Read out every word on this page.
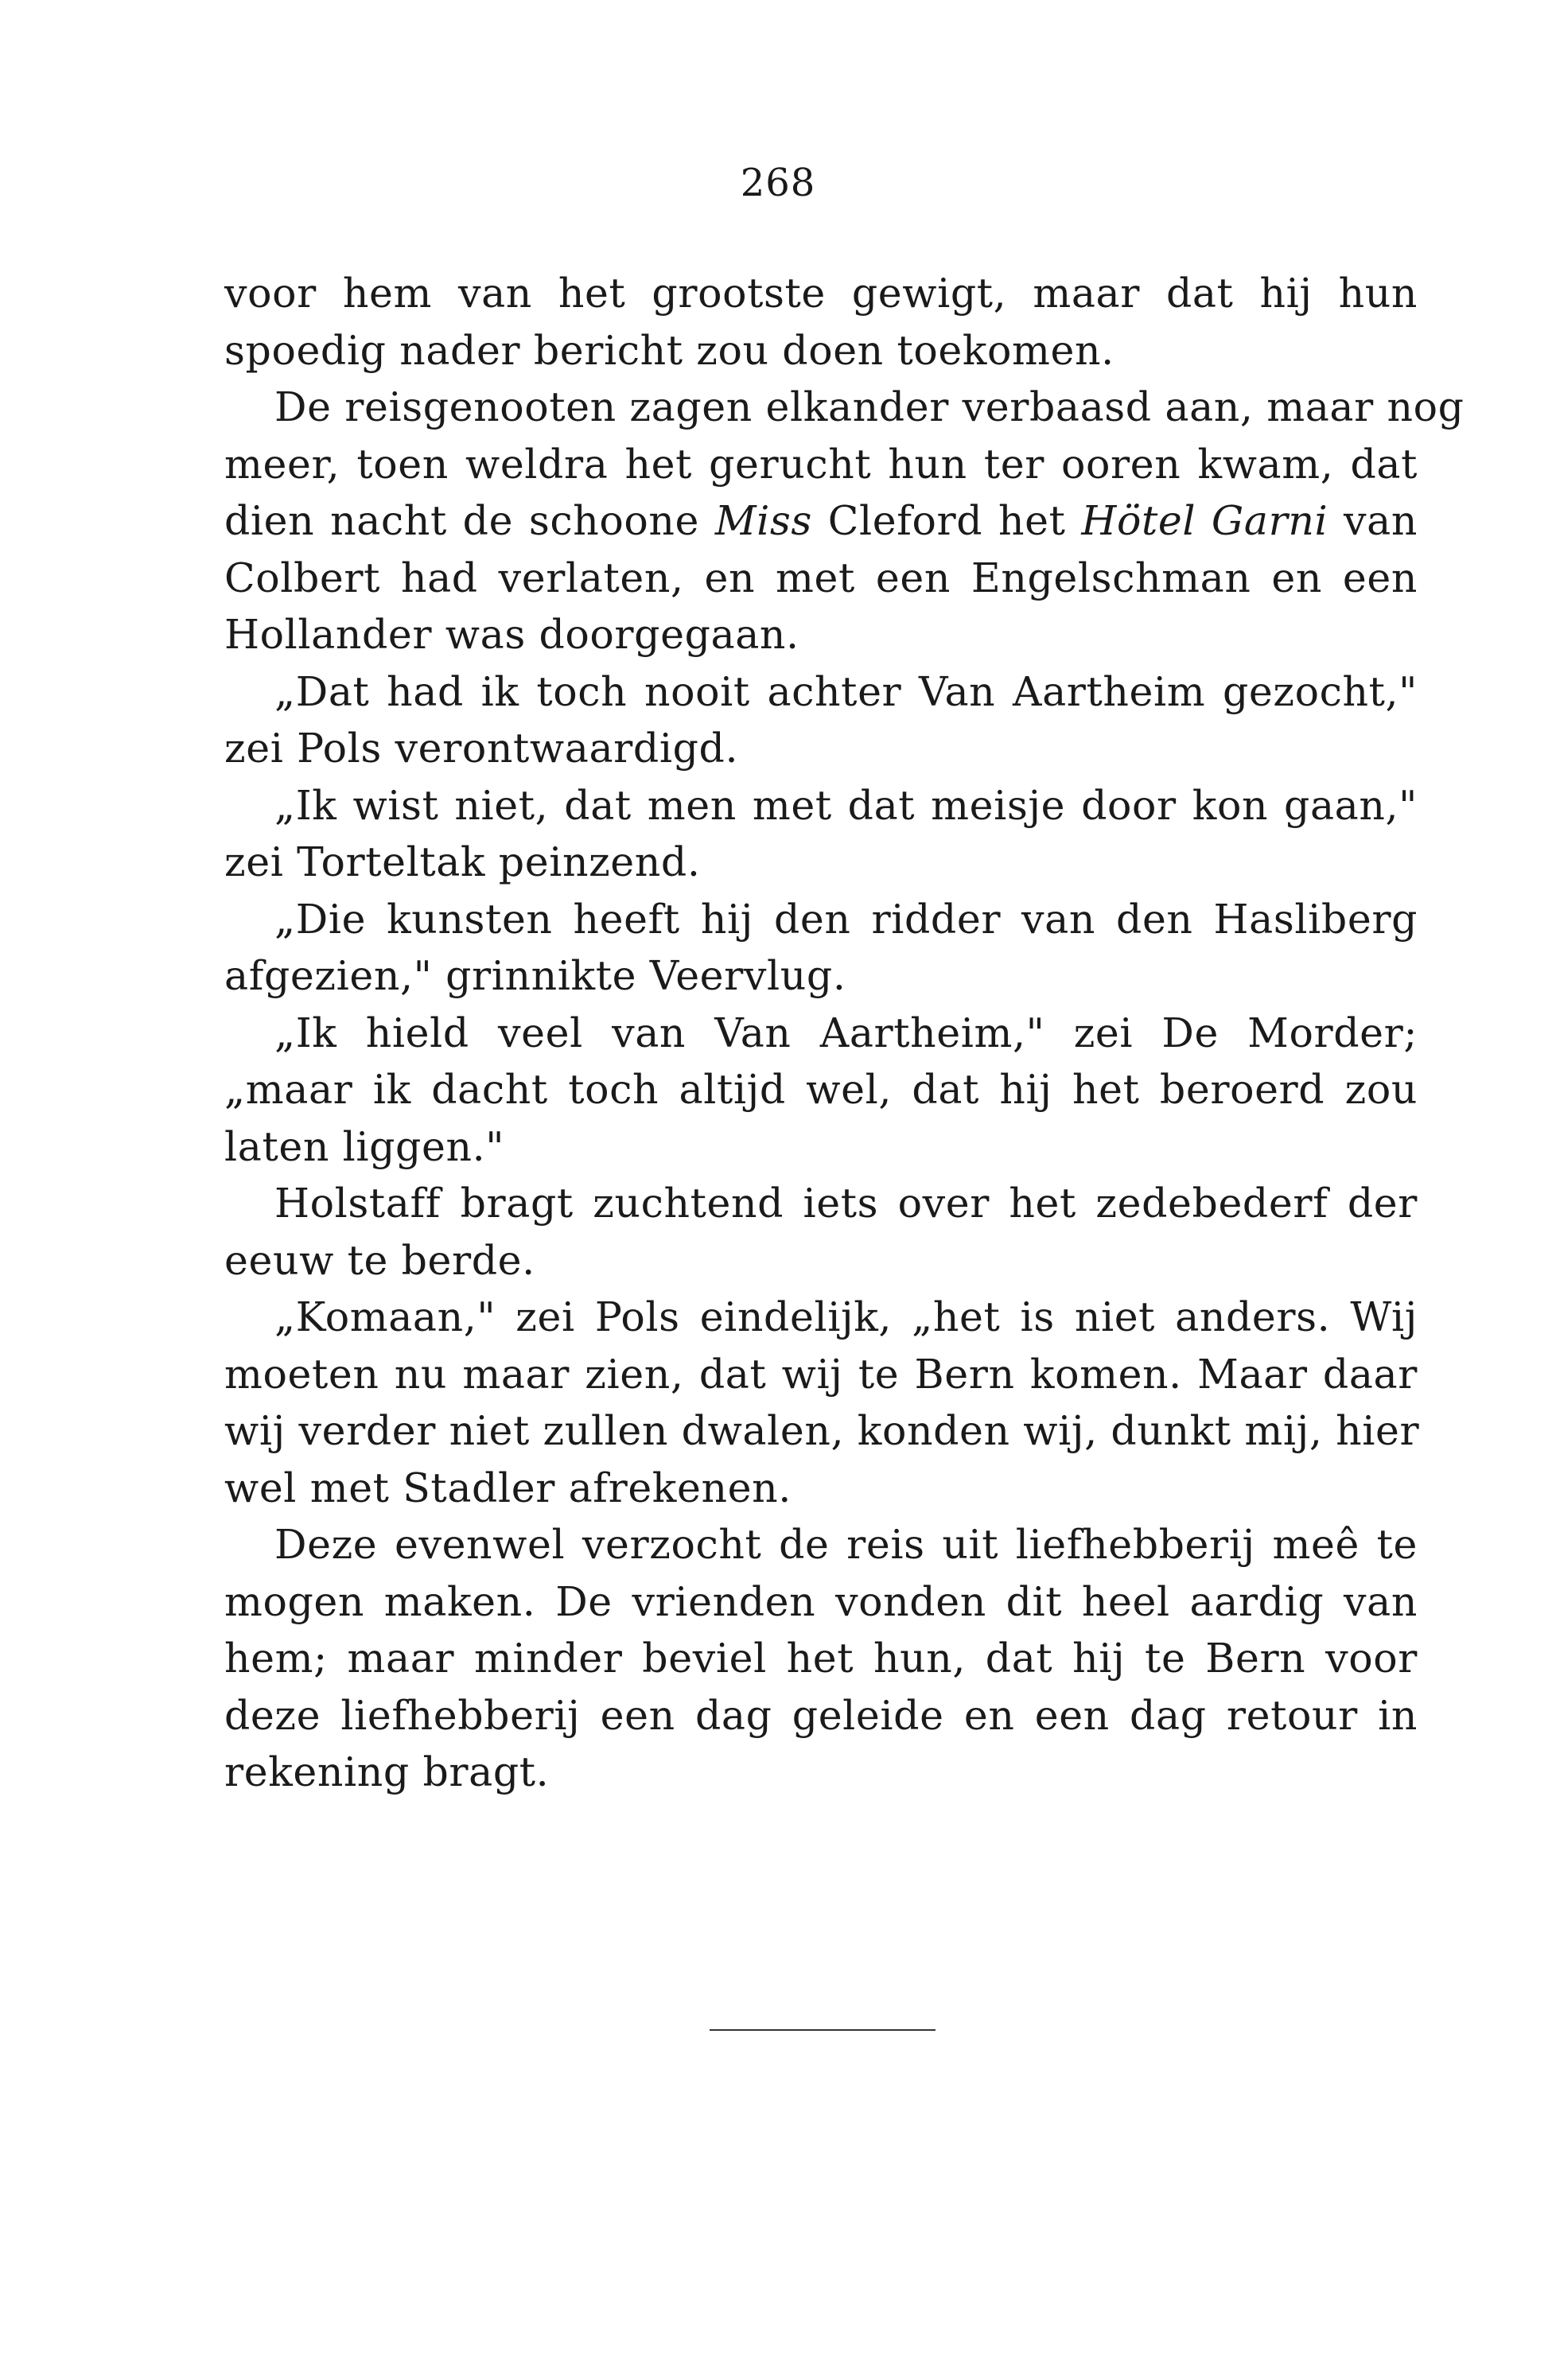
268
voor hem van het grootste gewigt, maar dat hij hun
spoedig nader bericht zou doen toekomen.
De reisgenooten zagen elkander verbaasd aan, maar nog
meer, toen weldra het gerucht hun ter ooren kwam, dat
dien nacht de schoone Miss Cleford het Hötel Garni van
Colbert had verlaten, en met een Engelschman en een
Hollander was doorgegaan.
„Dat had ik toch nooit achter Van Aartheim gezocht,"
zei Pols verontwaardigd.
„Ik wist niet, dat men met dat meisje door kon gaan,"
zei Torteltak peinzend.
„Die kunsten heeft hij den ridder van den Hasliberg
afgezien," grinnikte Veervlug.
„Ik hield veel van Van Aartheim," zei De Morder;
„maar ik dacht toch altijd wel, dat hij het beroerd zou
laten liggen."
Holstaff bragt zuchtend iets over het zedebederf der
eeuw te berde.
„Komaan," zei Pols eindelijk, „het is niet anders. Wij
moeten nu maar zien, dat wij te Bern komen. Maar daar
wij verder niet zullen dwalen, konden wij, dunkt mij, hier
wel met Stadler afrekenen.
Deze evenwel verzocht de reis uit liefhebberij meê te
mogen maken. De vrienden vonden dit heel aardig van
hem; maar minder beviel het hun, dat hij te Bern voor
deze liefhebberij een dag geleide en een dag retour in
rekening bragt.
